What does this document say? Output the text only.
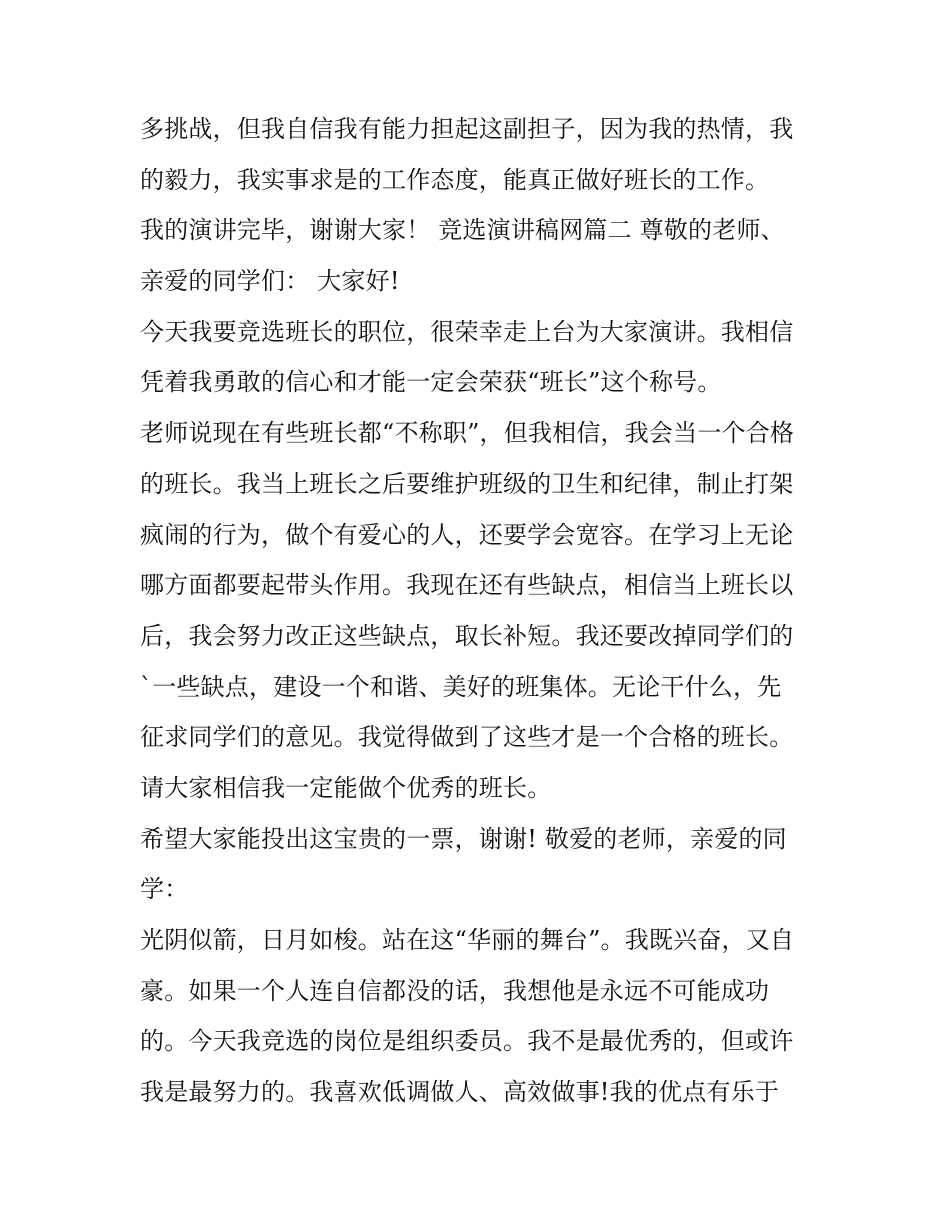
多挑战，但我自信我有能力担起这副担子，因为我的热情，我
的毅力，我实事求是的工作态度，能真正做好班长的工作。
我的演讲完毕，谢谢大家！ 竞选演讲稿网篇二 尊敬的老师、
亲爱的同学们： 大家好!
今天我要竞选班长的职位，很荣幸走上台为大家演讲。我相信
凭着我勇敢的信心和才能一定会荣获“班长”这个称号。
老师说现在有些班长都“不称职”，但我相信，我会当一个合格
的班长。我当上班长之后要维护班级的卫生和纪律，制止打架
疯闹的行为，做个有爱心的人，还要学会宽容。在学习上无论
哪方面都要起带头作用。我现在还有些缺点，相信当上班长以
后，我会努力改正这些缺点，取长补短。我还要改掉同学们的
`一些缺点，建设一个和谐、美好的班集体。无论干什么，先
征求同学们的意见。我觉得做到了这些才是一个合格的班长。
请大家相信我一定能做个优秀的班长。
希望大家能投出这宝贵的一票，谢谢! 敬爱的老师，亲爱的同
学：
光阴似箭，日月如梭。站在这“华丽的舞台”。我既兴奋，又自
豪。如果一个人连自信都没的话，我想他是永远不可能成功
的。今天我竞选的岗位是组织委员。我不是最优秀的，但或许
我是最努力的。我喜欢低调做人、高效做事!我的优点有乐于
